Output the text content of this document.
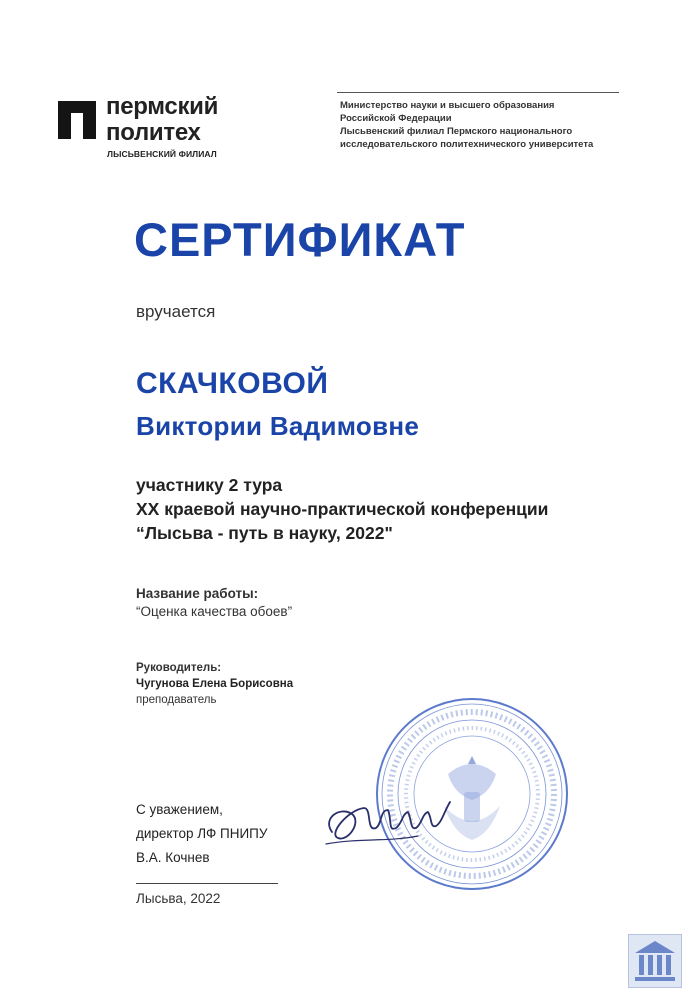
пермский
политех
ЛЫСЬВЕНСКИЙ ФИЛИАЛ
Министерство науки и высшего образования
Российской Федерации
Лысьвенский филиал Пермского национального
исследовательского политехнического университета
СЕРТИФИКАТ
вручается
СКАЧКОВОЙ
Виктории Вадимовне
участнику 2 тура
XX краевой научно-практической конференции
“Лысьва - путь в науку, 2022"
Название работы:
“Оценка качества обоев”
Руководитель:
Чугунова Елена Борисовна
преподаватель
С уважением,
директор ЛФ ПНИПУ
В.А. Кочнев
Лысьва, 2022
